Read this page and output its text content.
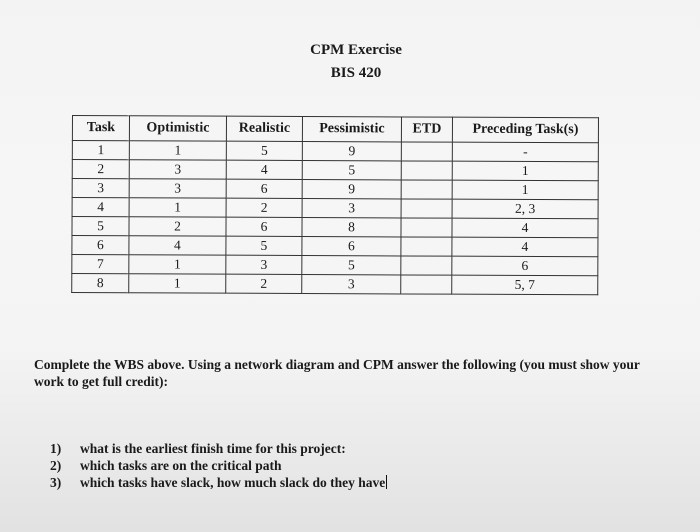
CPM Exercise
BIS 420
Task	Optimistic	Realistic	Pessimistic	ETD	Preceding Task(s)
1	1	5	9		-
2	3	4	5		1
3	3	6	9		1
4	1	2	3		2, 3
5	2	6	8		4
6	4	5	6		4
7	1	3	5		6
8	1	2	3		5, 7
Complete the WBS above. Using a network diagram and CPM answer the following (you must show your work to get full credit):
1) what is the earliest finish time for this project:
2) which tasks are on the critical path
3) which tasks have slack, how much slack do they have
